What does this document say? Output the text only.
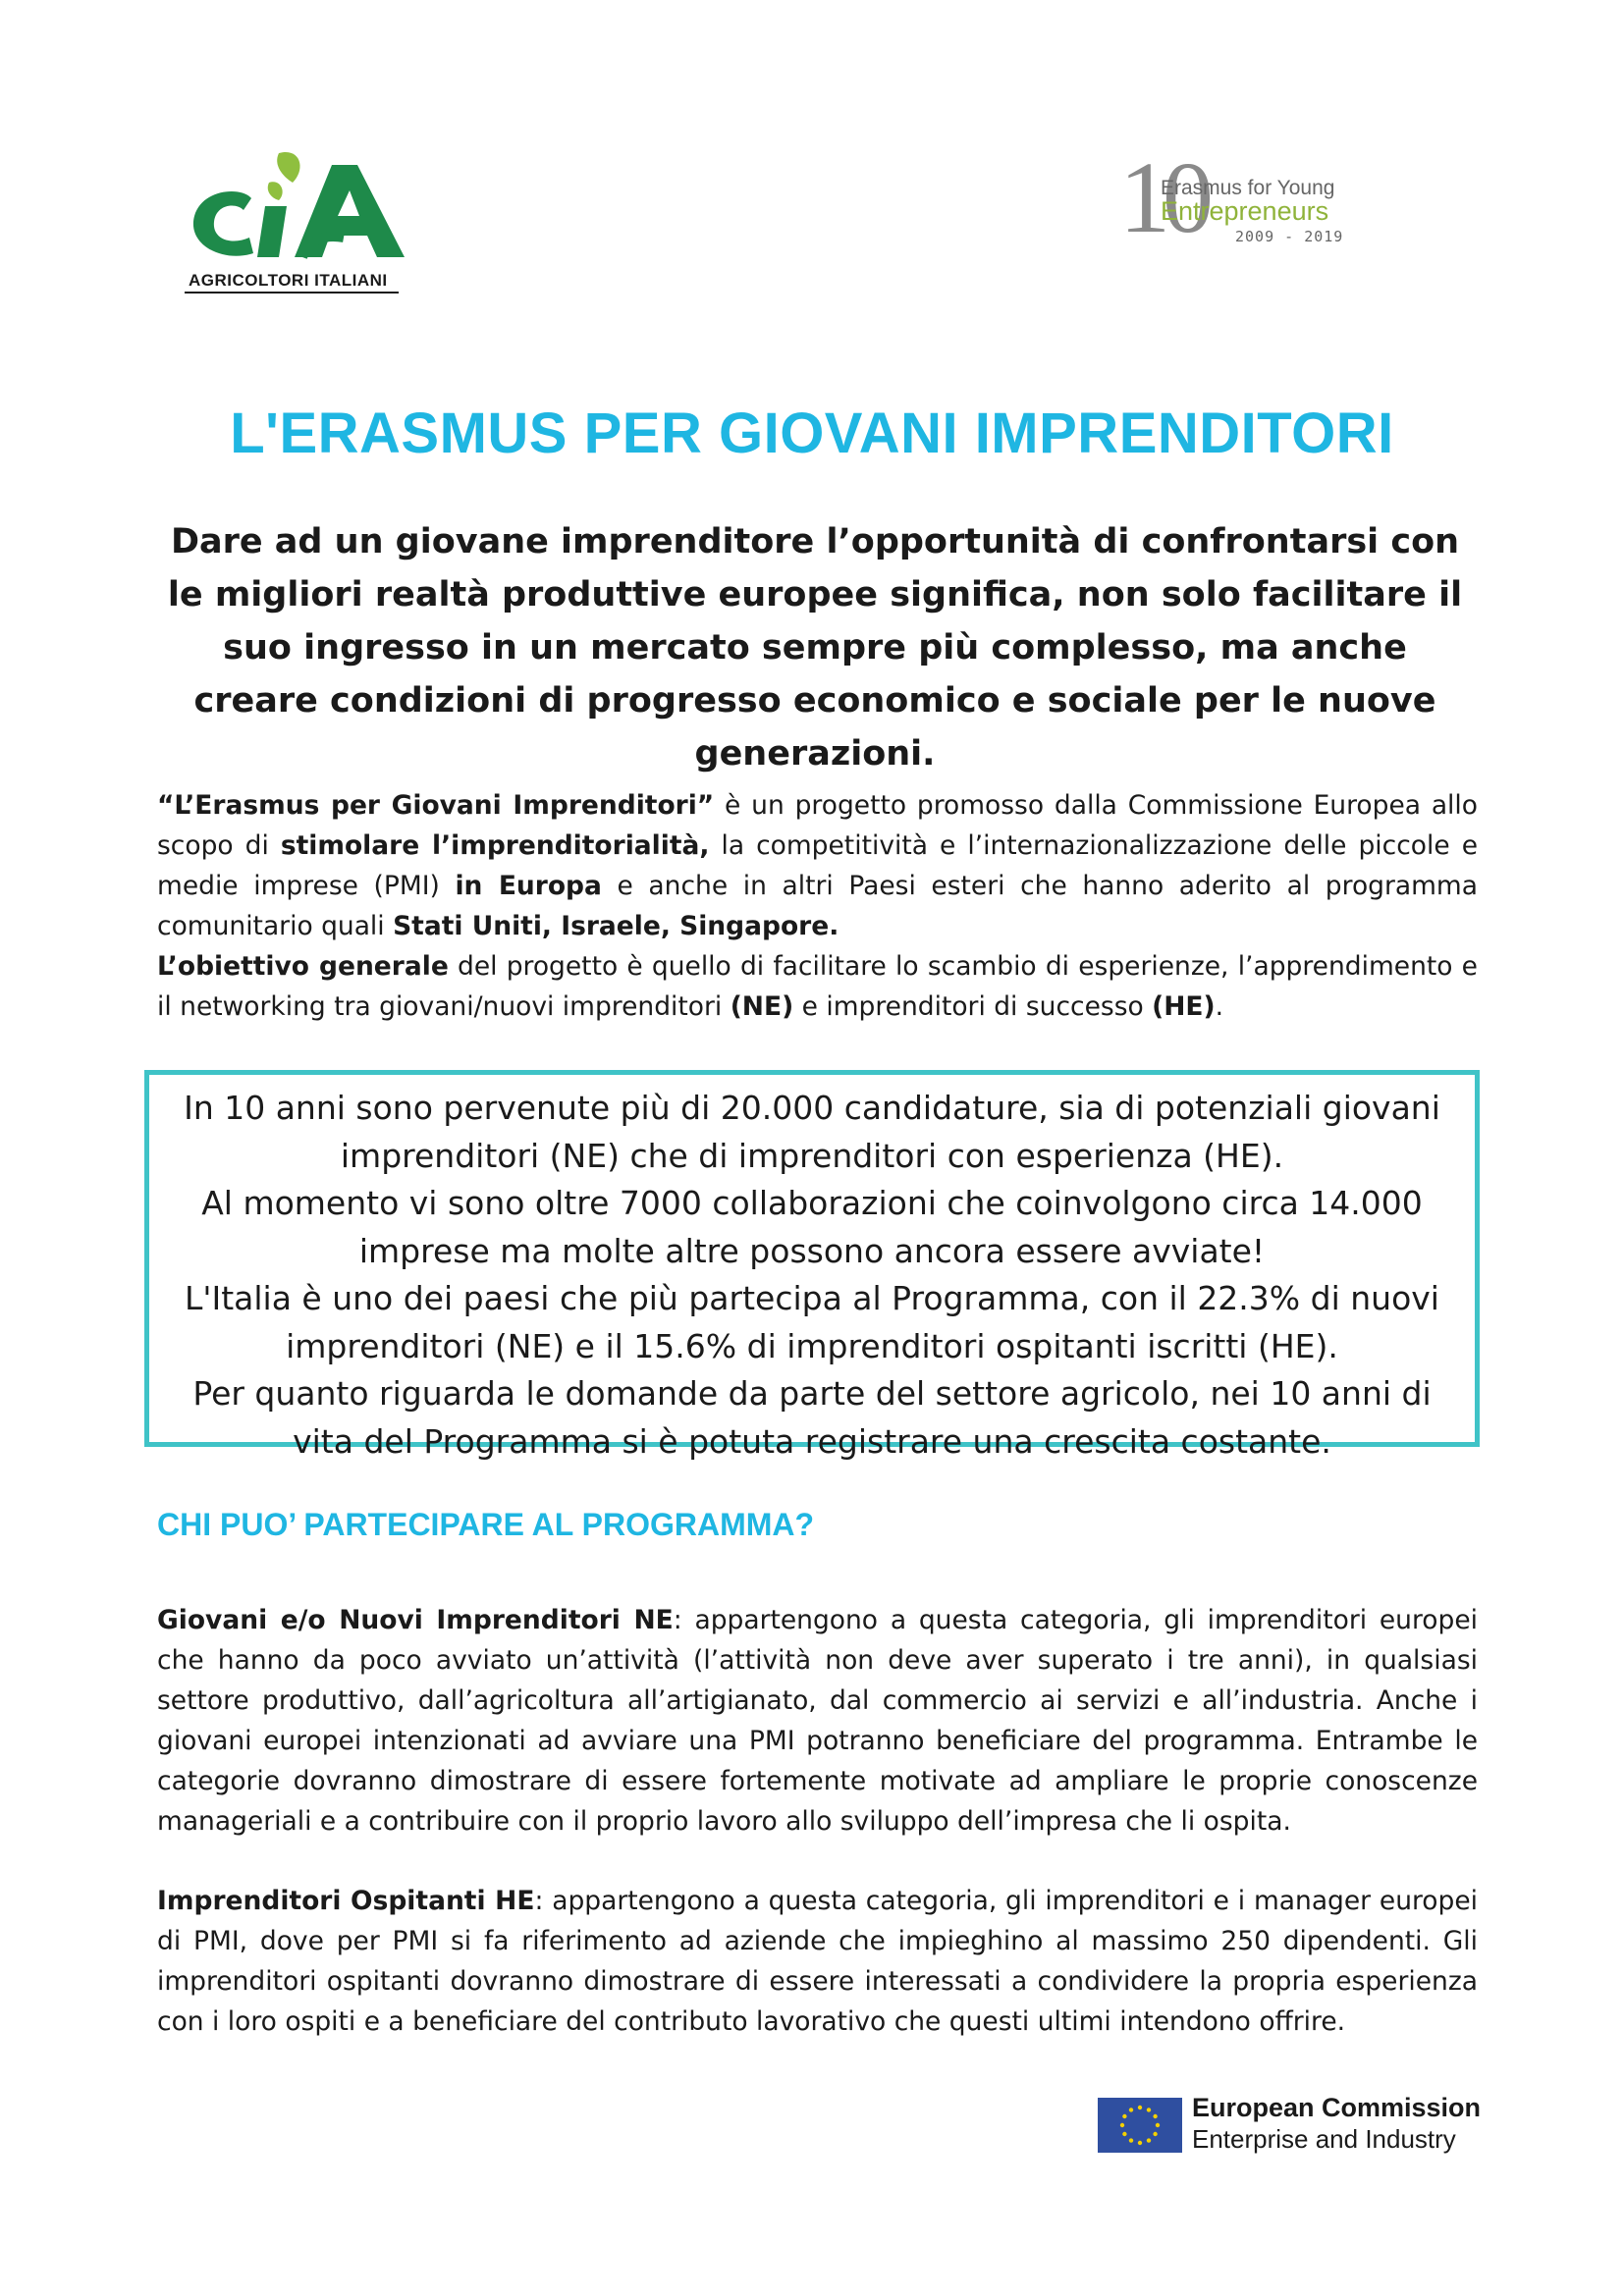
AGRICOLTORI ITALIANI
10
Erasmus for Young
Entrepreneurs
2009 - 2019
L'ERASMUS PER GIOVANI IMPRENDITORI
Dare ad un giovane imprenditore l’opportunità di confrontarsi con le migliori realtà produttive europee significa, non solo facilitare il suo ingresso in un mercato sempre più complesso, ma anche creare condizioni di progresso economico e sociale per le nuove generazioni.
“L’Erasmus per Giovani Imprenditori” è un progetto promosso dalla Commissione Europea allo scopo di stimolare l’imprenditorialità, la competitività e l’internazionalizzazione delle piccole e medie imprese (PMI) in Europa e anche in altri Paesi esteri che hanno aderito al programma comunitario quali Stati Uniti, Israele, Singapore.
L’obiettivo generale del progetto è quello di facilitare lo scambio di esperienze, l’apprendimento e il networking tra giovani/nuovi imprenditori (NE) e imprenditori di successo (HE).

In 10 anni sono pervenute più di 20.000 candidature, sia di potenziali giovani imprenditori (NE) che di imprenditori con esperienza (HE).

Al momento vi sono oltre 7000 collaborazioni che coinvolgono circa 14.000 imprese ma molte altre possono ancora essere avviate!

L'Italia è uno dei paesi che più partecipa al Programma, con il 22.3% di nuovi imprenditori (NE) e il 15.6% di imprenditori ospitanti iscritti (HE).

Per quanto riguarda le domande da parte del settore agricolo, nei 10 anni di vita del Programma si è potuta registrare una crescita costante.

CHI PUO’ PARTECIPARE AL PROGRAMMA?
Giovani e/o Nuovi Imprenditori NE: appartengono a questa categoria, gli imprenditori europei che hanno da poco avviato un’attività (l’attività non deve aver superato i tre anni), in qualsiasi settore produttivo, dall’agricoltura all’artigianato, dal commercio ai servizi e all’industria. Anche i giovani europei intenzionati ad avviare una PMI potranno beneficiare del programma. Entrambe le categorie dovranno dimostrare di essere fortemente motivate ad ampliare le proprie conoscenze manageriali e a contribuire con il proprio lavoro allo sviluppo dell’impresa che li ospita.
Imprenditori Ospitanti HE: appartengono a questa categoria, gli imprenditori e i manager europei di PMI, dove per PMI si fa riferimento ad aziende che impieghino al massimo 250 dipendenti. Gli imprenditori ospitanti dovranno dimostrare di essere interessati a condividere la propria esperienza con i loro ospiti e a beneficiare del contributo lavorativo che questi ultimi intendono offrire.
European Commission
Enterprise and Industry
